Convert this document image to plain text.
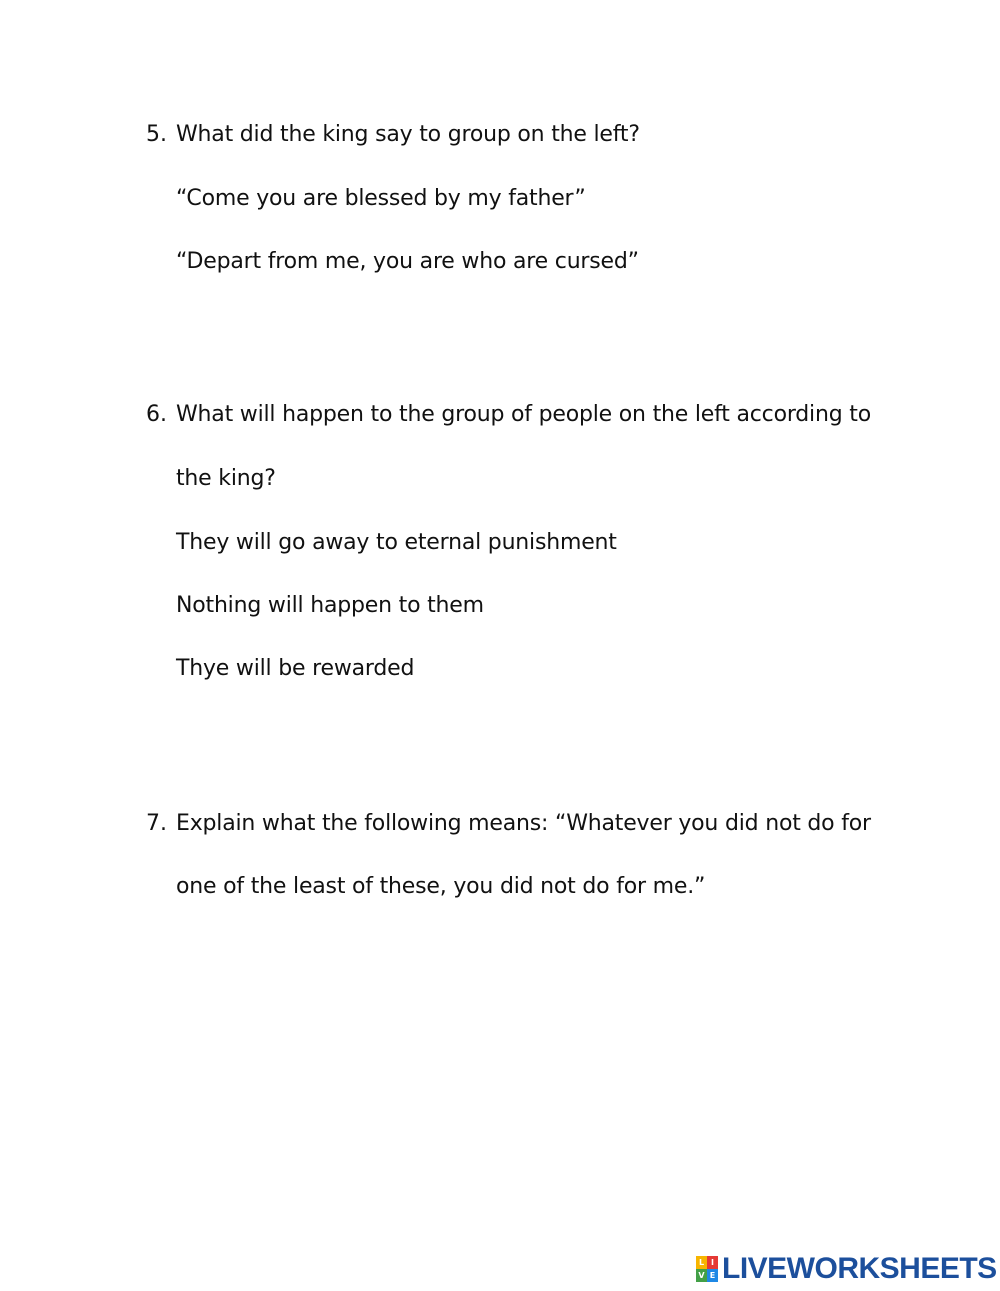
5. What did the king say to group on the left?
“Come you are blessed by my father”
“Depart from me, you are who are cursed”
6. What will happen to the group of people on the left according to
the king?
They will go away to eternal punishment
Nothing will happen to them
Thye will be rewarded
7. Explain what the following means: “Whatever you did not do for
one of the least of these, you did not do for me.”
L I
V E LIVEWORKSHEETS
